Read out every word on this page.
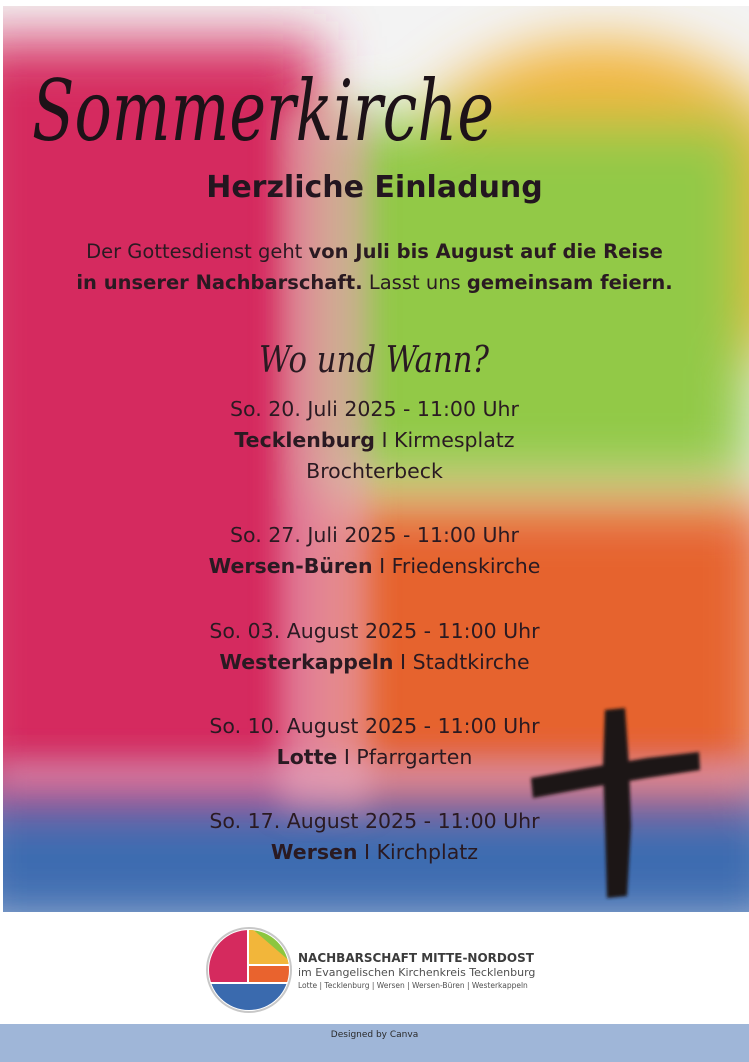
Sommerkirche
Herzliche Einladung
Der Gottesdienst geht von Juli bis August auf die Reise
in unserer Nachbarschaft. Lasst uns gemeinsam feiern.
Wo und Wann?
So. 20. Juli 2025 - 11:00 Uhr
Tecklenburg I Kirmesplatz
Brochterbeck
So. 27. Juli 2025 - 11:00 Uhr
Wersen-Büren I Friedenskirche
So. 03. August 2025 - 11:00 Uhr
Westerkappeln I Stadtkirche
So. 10. August 2025 - 11:00 Uhr
Lotte I Pfarrgarten
So. 17. August 2025 - 11:00 Uhr
Wersen I Kirchplatz
NACHBARSCHAFT MITTE-NORDOST
im Evangelischen Kirchenkreis Tecklenburg
Lotte | Tecklenburg | Wersen | Wersen-Büren | Westerkappeln
Designed by Canva
